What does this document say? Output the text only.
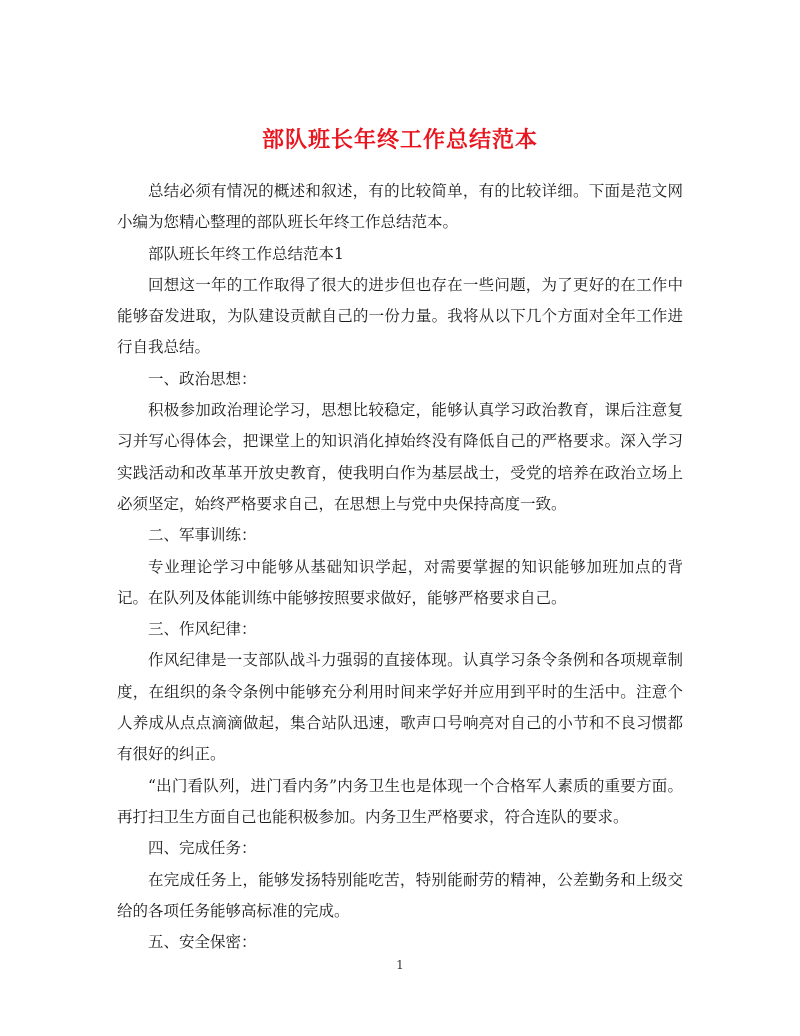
部队班长年终工作总结范本

总结必须有情况的概述和叙述，有的比较简单，有的比较详细。下面是范文网小编为您精心整理的部队班长年终工作总结范本。

部队班长年终工作总结范本1

回想这一年的工作取得了很大的进步但也存在一些问题，为了更好的在工作中能够奋发进取，为队建设贡献自己的一份力量。我将从以下几个方面对全年工作进行自我总结。

一、政治思想：

积极参加政治理论学习，思想比较稳定，能够认真学习政治教育，课后注意复习并写心得体会，把课堂上的知识消化掉始终没有降低自己的严格要求。深入学习实践活动和改革革开放史教育，使我明白作为基层战士，受党的培养在政治立场上必须坚定，始终严格要求自己，在思想上与党中央保持高度一致。

二、军事训练：

专业理论学习中能够从基础知识学起，对需要掌握的知识能够加班加点的背记。在队列及体能训练中能够按照要求做好，能够严格要求自己。

三、作风纪律：

作风纪律是一支部队战斗力强弱的直接体现。认真学习条令条例和各项规章制度，在组织的条令条例中能够充分利用时间来学好并应用到平时的生活中。注意个人养成从点点滴滴做起，集合站队迅速，歌声口号响亮对自己的小节和不良习惯都有很好的纠正。

“出门看队列，进门看内务”内务卫生也是体现一个合格军人素质的重要方面。再打扫卫生方面自己也能积极参加。内务卫生严格要求，符合连队的要求。

四、完成任务：

在完成任务上，能够发扬特别能吃苦，特别能耐劳的精神，公差勤务和上级交给的各项任务能够高标准的完成。

五、安全保密：

1
